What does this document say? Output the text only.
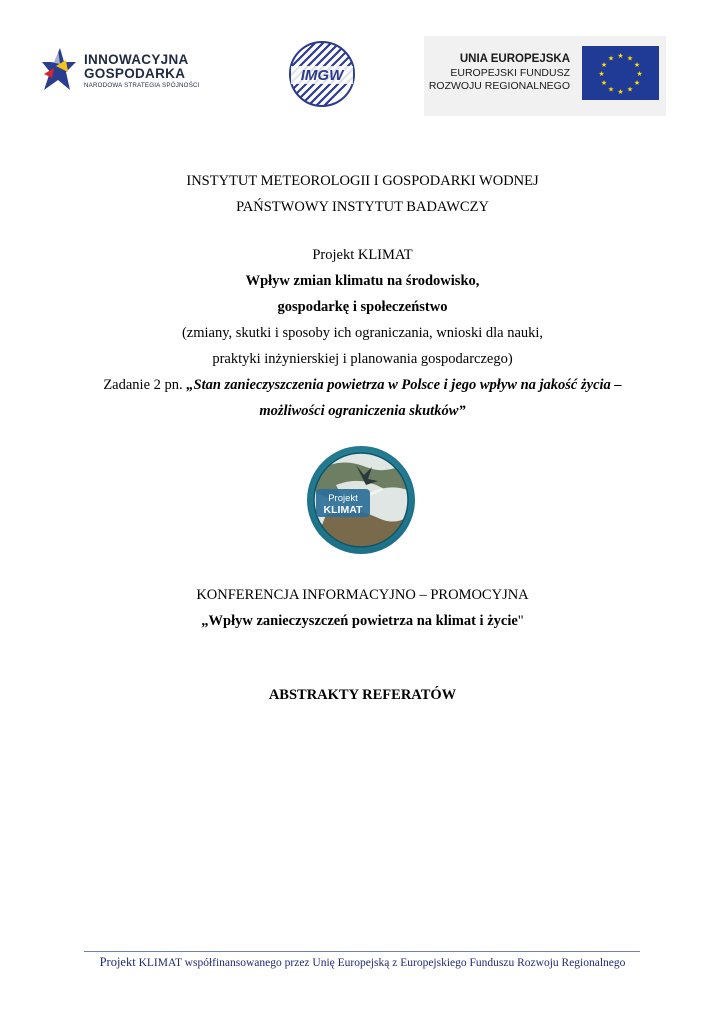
INNOWACYJNA
GOSPODARKA
NARODOWA STRATEGIA SPÓJNOŚCI
IMGW
UNIA EUROPEJSKA
EUROPEJSKI FUNDUSZ
ROZWOJU REGIONALNEGO
★ ★
★
★
★
★
★
★
★
★
★
★
INSTYTUT METEOROLOGII I GOSPODARKI WODNEJ
PAŃSTWOWY INSTYTUT BADAWCZY
Projekt KLIMAT
Wpływ zmian klimatu na środowisko,
gospodarkę i społeczeństwo
(zmiany, skutki i sposoby ich ograniczania, wnioski dla nauki,
praktyki inżynierskiej i planowania gospodarczego)
Zadanie 2 pn. „Stan zanieczyszczenia powietrza w Polsce i jego wpływ na jakość życia –
możliwości ograniczenia skutków”
Projekt
KLIMAT
KONFERENCJA INFORMACYJNO – PROMOCYJNA
„Wpływ zanieczyszczeń powietrza na klimat i życie"
ABSTRAKTY REFERATÓW
Projekt KLIMAT współfinansowanego przez Unię Europejską z Europejskiego Funduszu Rozwoju Regionalnego
